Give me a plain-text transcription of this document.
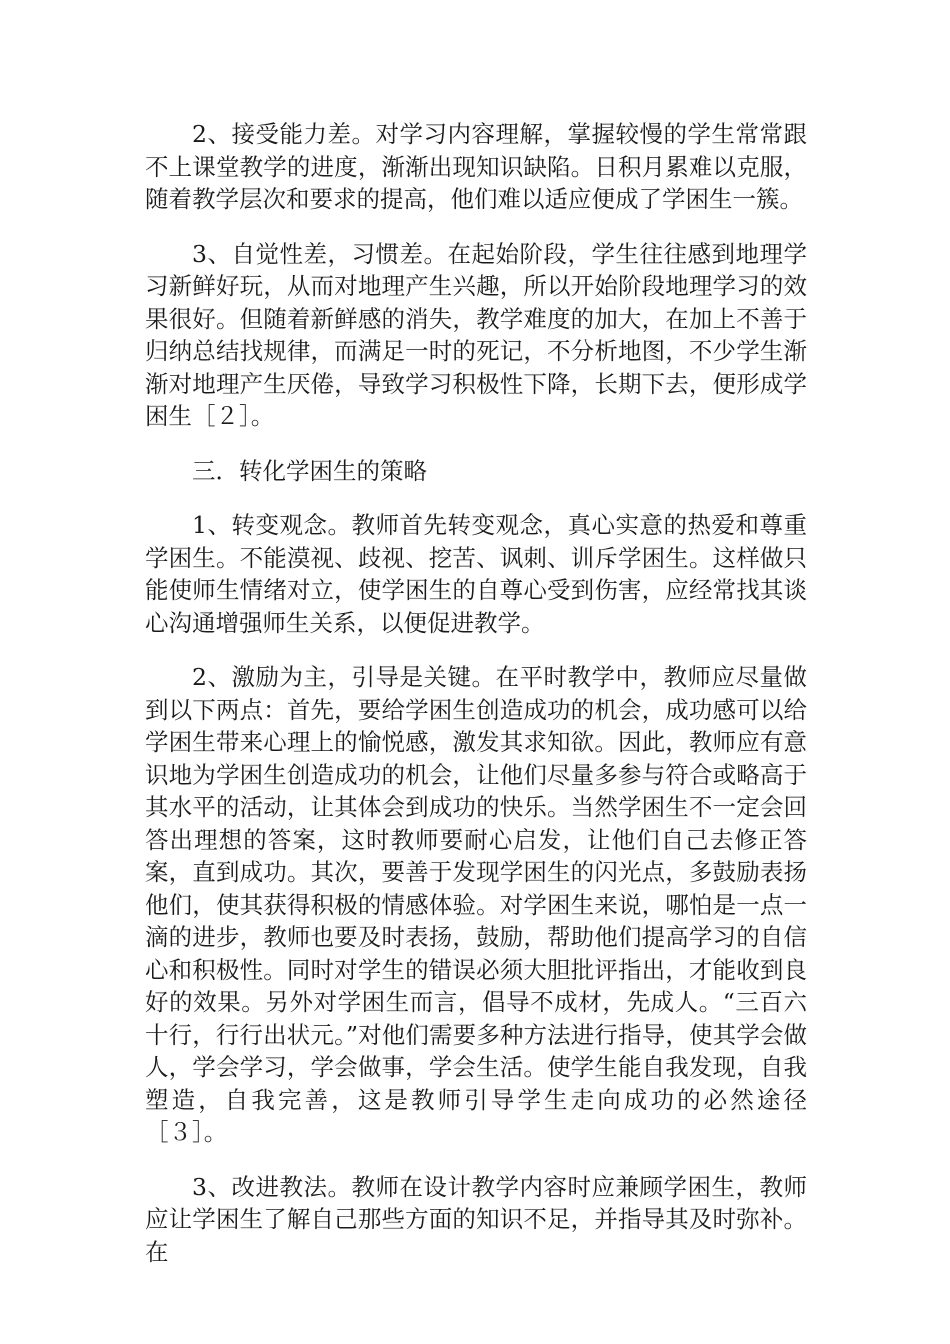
2、接受能力差。对学习内容理解，掌握较慢的学生常常跟不上课堂教学的进度，渐渐出现知识缺陷。日积月累难以克服，随着教学层次和要求的提高，他们难以适应便成了学困生一簇。

3、自觉性差，习惯差。在起始阶段，学生往往感到地理学习新鲜好玩，从而对地理产生兴趣，所以开始阶段地理学习的效果很好。但随着新鲜感的消失，教学难度的加大，在加上不善于归纳总结找规律，而满足一时的死记，不分析地图，不少学生渐渐对地理产生厌倦，导致学习积极性下降，长期下去，便形成学困生［２］。

三．转化学困生的策略

1、转变观念。教师首先转变观念，真心实意的热爱和尊重学困生。不能漠视、歧视、挖苦、讽刺、训斥学困生。这样做只能使师生情绪对立，使学困生的自尊心受到伤害，应经常找其谈心沟通增强师生关系，以便促进教学。

2、激励为主，引导是关键。在平时教学中，教师应尽量做到以下两点：首先，要给学困生创造成功的机会，成功感可以给学困生带来心理上的愉悦感，激发其求知欲。因此，教师应有意识地为学困生创造成功的机会，让他们尽量多参与符合或略高于其水平的活动，让其体会到成功的快乐。当然学困生不一定会回答出理想的答案，这时教师要耐心启发，让他们自己去修正答案，直到成功。其次，要善于发现学困生的闪光点，多鼓励表扬他们，使其获得积极的情感体验。对学困生来说，哪怕是一点一滴的进步，教师也要及时表扬，鼓励，帮助他们提高学习的自信心和积极性。同时对学生的错误必须大胆批评指出，才能收到良好的效果。另外对学困生而言，倡导不成材，先成人。“三百六十行，行行出状元。”对他们需要多种方法进行指导，使其学会做人，学会学习，学会做事，学会生活。使学生能自我发现，自我塑造，自我完善，这是教师引导学生走向成功的必然途径［３］。

3、改进教法。教师在设计教学内容时应兼顾学困生，教师应让学困生了解自己那些方面的知识不足，并指导其及时弥补。在
